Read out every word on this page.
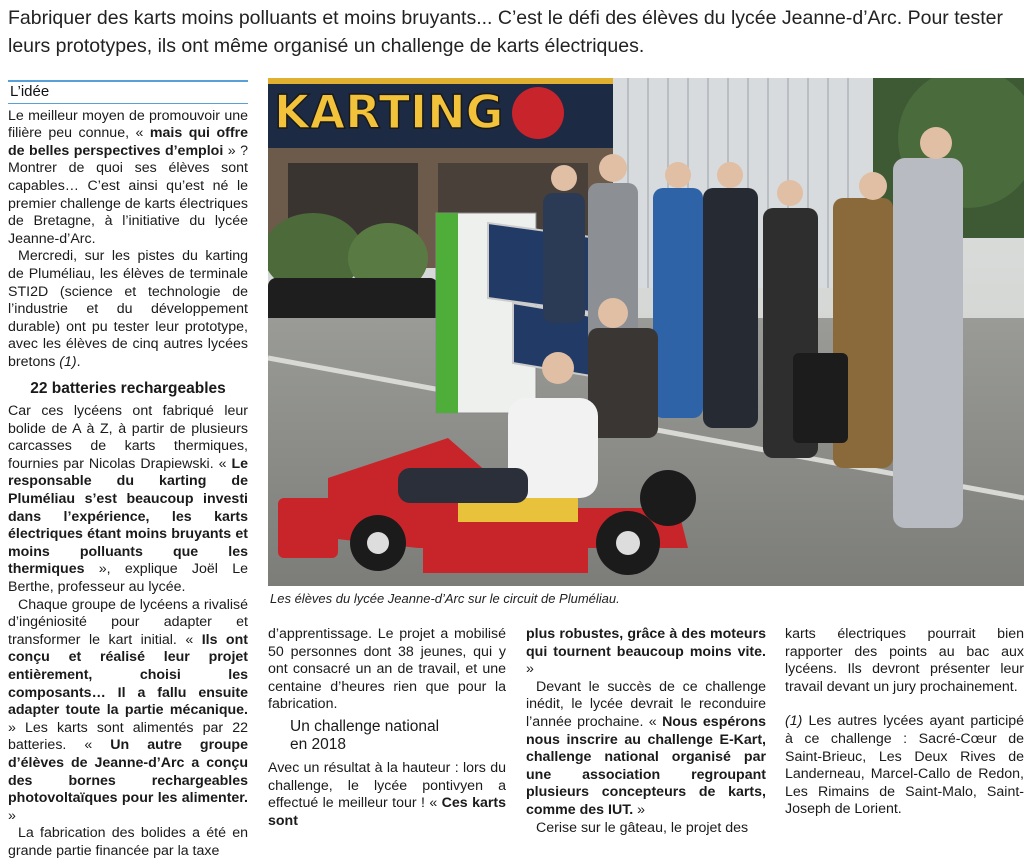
Fabriquer des karts moins polluants et moins bruyants... C’est le défi des élèves du lycée Jeanne-d’Arc. Pour tester leurs prototypes, ils ont même organisé un challenge de karts électriques.
L’idée

Le meilleur moyen de promouvoir une filière peu connue, « mais qui offre de belles perspectives d’emploi » ? Montrer de quoi ses élèves sont capables… C’est ainsi qu’est né le premier challenge de karts électriques de Bretagne, à l’initiative du lycée Jeanne-d’Arc.

Mercredi, sur les pistes du karting de Pluméliau, les élèves de terminale STI2D (science et technologie de l’industrie et du développement durable) ont pu tester leur prototype, avec les élèves de cinq autres lycées bretons (1).

22 batteries rechargeables

Car ces lycéens ont fabriqué leur bolide de A à Z, à partir de plusieurs carcasses de karts thermiques, fournies par Nicolas Drapiewski. « Le responsable du karting de Pluméliau s’est beaucoup investi dans l’expérience, les karts électriques étant moins bruyants et moins polluants que les thermiques », explique Joël Le Berthe, professeur au lycée.

Chaque groupe de lycéens a rivalisé d’ingéniosité pour adapter et transformer le kart initial. « Ils ont conçu et réalisé leur projet entièrement, choisi les composants… Il a fallu ensuite adapter toute la partie mécanique. » Les karts sont alimentés par 22 batteries. « Un autre groupe d’élèves de Jeanne-d’Arc a conçu des bornes rechargeables photovoltaïques pour les alimenter. »

La fabrication des bolides a été en grande partie financée par la taxe

KARTING
Les élèves du lycée Jeanne-d’Arc sur le circuit de Pluméliau.

d’apprentissage. Le projet a mobilisé 50 personnes dont 38 jeunes, qui y ont consacré un an de travail, et une centaine d’heures rien que pour la fabrication.

Un challenge national
en 2018

Avec un résultat à la hauteur : lors du challenge, le lycée pontivyen a effectué le meilleur tour ! « Ces karts sont

plus robustes, grâce à des moteurs qui tournent beaucoup moins vite. »

Devant le succès de ce challenge inédit, le lycée devrait le reconduire l’année prochaine. « Nous espérons nous inscrire au challenge E-Kart, challenge national organisé par une association regroupant plusieurs concepteurs de karts, comme des IUT. »

Cerise sur le gâteau, le projet des

karts électriques pourrait bien rapporter des points au bac aux lycéens. Ils devront présenter leur travail devant un jury prochainement.

(1) Les autres lycées ayant participé à ce challenge : Sacré-Cœur de Saint-Brieuc, Les Deux Rives de Landerneau, Marcel-Callo de Redon, Les Rimains de Saint-Malo, Saint-Joseph de Lorient.
